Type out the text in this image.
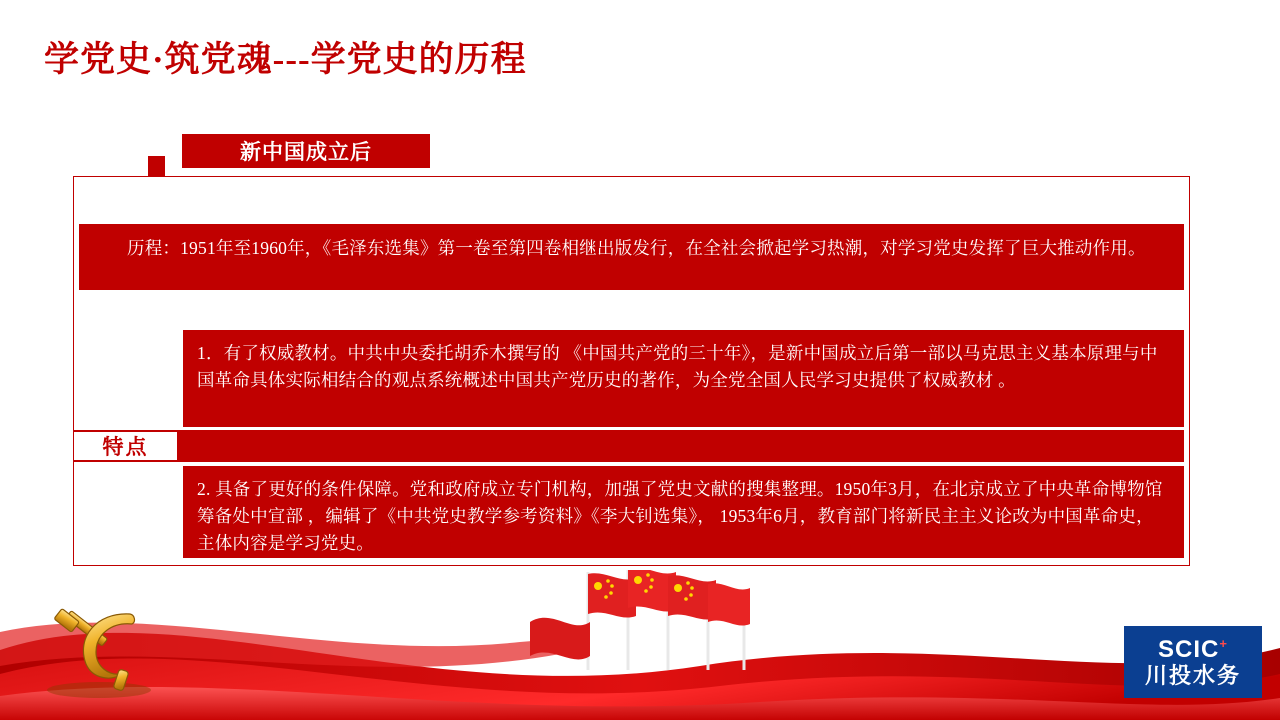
学党史·筑党魂---学党史的历程
新中国成立后
历程：1951年至1960年，《毛泽东选集》第一卷至第四卷相继出版发行，在全社会掀起学习热潮，对学习党史发挥了巨大推动作用。
1．有了权威教材。中共中央委托胡乔木撰写的 《中国共产党的三十年》，是新中国成立后第一部以马克思主义基本原理与中国革命具体实际相结合的观点系统概述中国共产党历史的著作，为全党全国人民学习史提供了权威教材 。
特点
2. 具备了更好的条件保障。党和政府成立专门机构，加强了党史文献的搜集整理。1950年3月，在北京成立了中央革命博物馆筹备处中宣部 ，编辑了《中共党史教学参考资料》《李大钊选集》， 1953年6月，教育部门将新民主主义论改为中国革命史，主体内容是学习党史。
SCIC+
川投水务
